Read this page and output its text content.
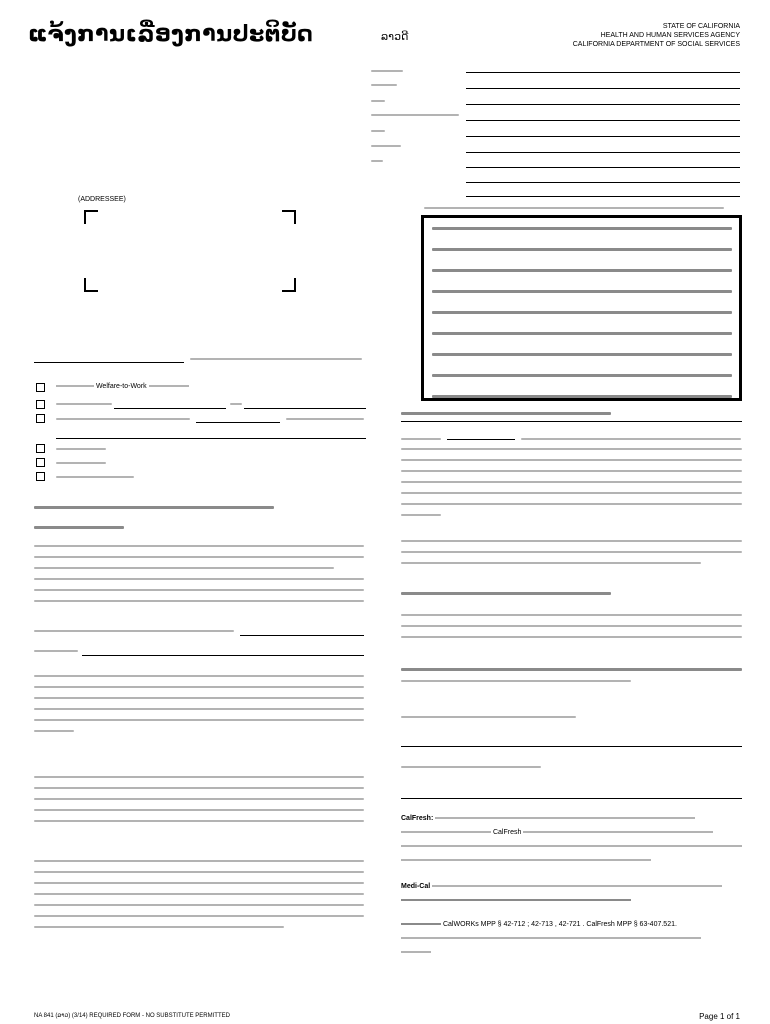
ແຈ້ງການເລື່ອງການປະຕິບັດ	ລາວດີ
STATE OF CALIFORNIA
HEALTH AND HUMAN SERVICES AGENCY
CALIFORNIA DEPARTMENT OF SOCIAL SERVICES
(ADDRESSEE)
Welfare-to-Work
CalFresh:
CalFresh

Medi-Cal

CalWORKs MPP § 42-712 ; 42-713 , 42-721 . CalFresh MPP § 63-407.521.

NA 841 (ລາວ) (3/14) REQUIRED FORM - NO SUBSTITUTE PERMITTED	Page 1 of 1
